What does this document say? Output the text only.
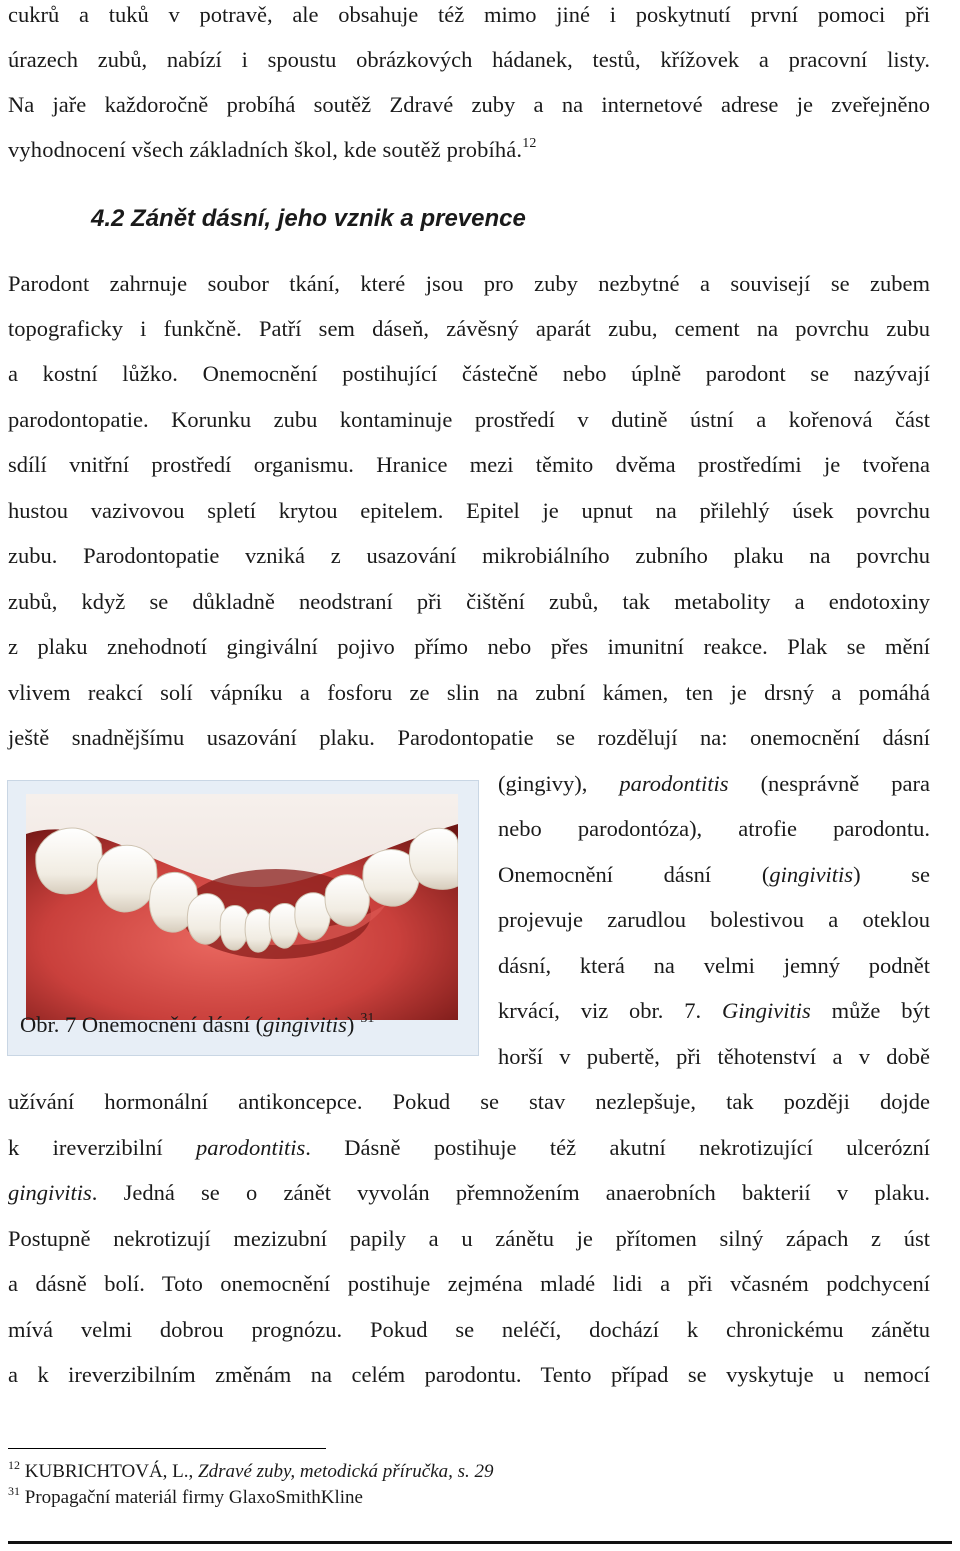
cukrů a tuků v potravě, ale obsahuje též mimo jiné i poskytnutí první pomoci při
úrazech zubů, nabízí i spoustu obrázkových hádanek, testů, křížovek a pracovní listy.
Na jaře každoročně probíhá soutěž Zdravé zuby a na internetové adrese je zveřejněno
vyhodnocení všech základních škol, kde soutěž probíhá.$^{12}$
4.2 Zánět dásní, jeho vznik a prevence
Parodont zahrnuje soubor tkání, které jsou pro zuby nezbytné a souvisejí se zubem
topograficky i funkčně. Patří sem dáseň, závěsný aparát zubu, cement na povrchu zubu
a kostní lůžko. Onemocnění postihující částečně nebo úplně parodont se nazývají
parodontopatie. Korunku zubu kontaminuje prostředí v dutině ústní a kořenová část
sdílí vnitřní prostředí organismu. Hranice mezi těmito dvěma prostředími je tvořena
hustou vazivovou spletí krytou epitelem. Epitel je upnut na přilehlý úsek povrchu
zubu. Parodontopatie vzniká z usazování mikrobiálního zubního plaku na povrchu
zubů, když se důkladně neodstraní při čištění zubů, tak metabolity a endotoxiny
z plaku znehodnotí gingivální pojivo přímo nebo přes imunitní reakce. Plak se mění
vlivem reakcí solí vápníku a fosforu ze slin na zubní kámen, ten je drsný a pomáhá
ještě snadnějšímu usazování plaku. Parodontopatie se rozdělují na: onemocnění dásní
Obr. 7 Onemocnění dásní (gingivitis) $^{31}$
(gingivy), parodontitis (nesprávně para
nebo parodontóza), atrofie parodontu.
Onemocnění dásní (gingivitis) se
projevuje zarudlou bolestivou a oteklou
dásní, která na velmi jemný podnět
krvácí, viz obr. 7. Gingivitis může být
horší v pubertě, při těhotenství a v době
užívání hormonální antikoncepce. Pokud se stav nezlepšuje, tak později dojde
k ireverzibilní parodontitis. Dásně postihuje též akutní nekrotizující ulcerózní
gingivitis. Jedná se o zánět vyvolán přemnožením anaerobních bakterií v plaku.
Postupně nekrotizují mezizubní papily a u zánětu je přítomen silný zápach z úst
a dásně bolí. Toto onemocnění postihuje zejména mladé lidi a při včasném podchycení
mívá velmi dobrou prognózu. Pokud se neléčí, dochází k chronickému zánětu
a k ireverzibilním změnám na celém parodontu. Tento případ se vyskytuje u nemocí
$^{12}$ KUBRICHTOVÁ, L., Zdravé zuby, metodická příručka, s. 29
$^{31}$ Propagační materiál firmy GlaxoSmithKline
